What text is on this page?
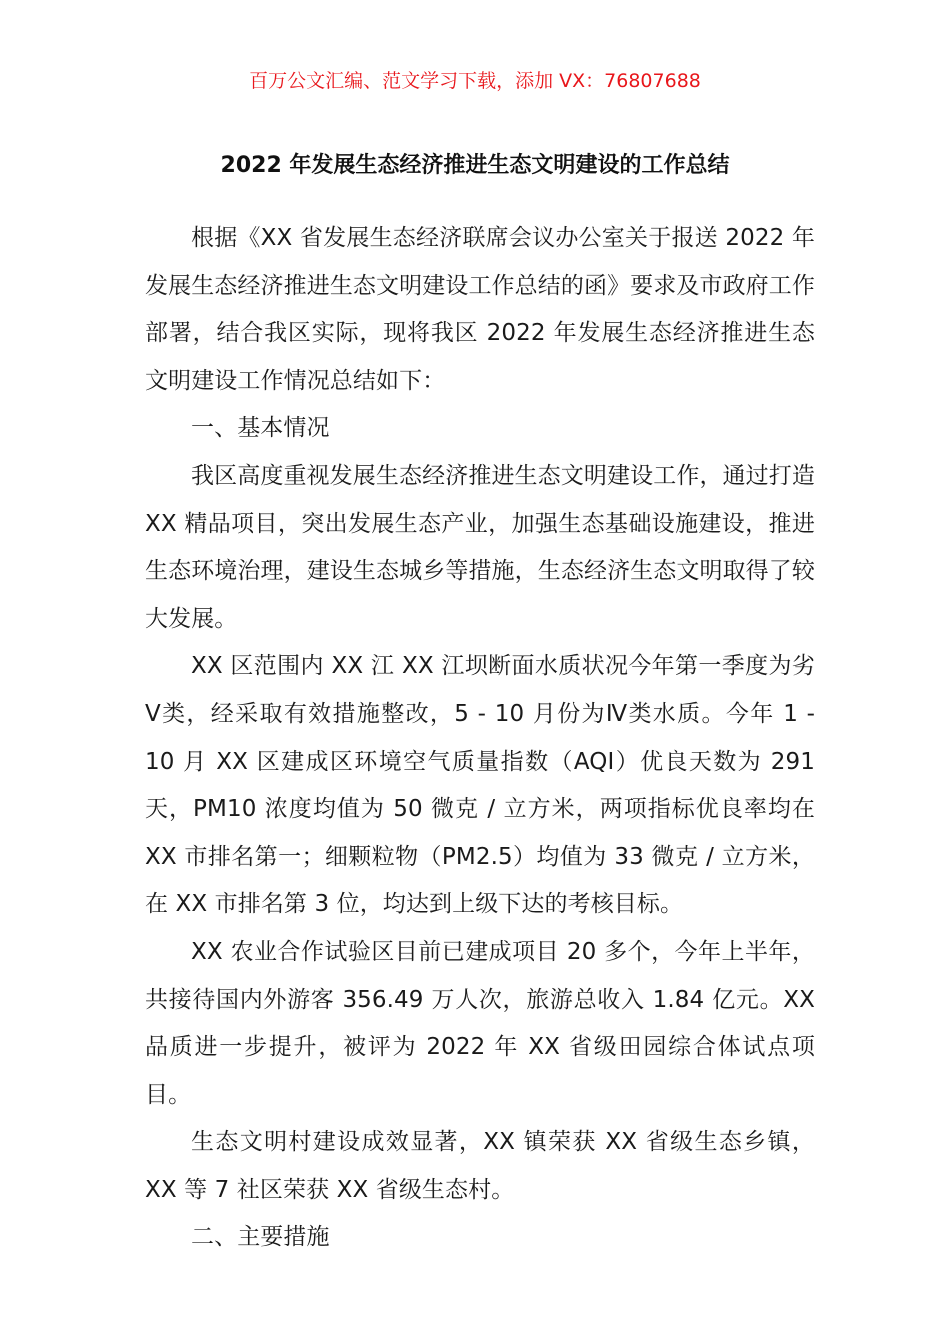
百万公文汇编、范文学习下载，添加 VX：76807688
2022 年发展生态经济推进生态文明建设的工作总结

根据《XX 省发展生态经济联席会议办公室关于报送 2022 年发展生态经济推进生态文明建设工作总结的函》要求及市政府工作部署，结合我区实际，现将我区 2022 年发展生态经济推进生态文明建设工作情况总结如下：

一、基本情况

我区高度重视发展生态经济推进生态文明建设工作，通过打造 XX 精品项目，突出发展生态产业，加强生态基础设施建设，推进生态环境治理，建设生态城乡等措施，生态经济生态文明取得了较大发展。

XX 区范围内 XX 江 XX 江坝断面水质状况今年第一季度为劣Ⅴ类，经采取有效措施整改，5 - 10 月份为Ⅳ类水质。今年 1 - 10 月 XX 区建成区环境空气质量指数（AQI）优良天数为 291 天，PM10 浓度均值为 50 微克 / 立方米，两项指标优良率均在 XX 市排名第一；细颗粒物（PM2.5）均值为 33 微克 / 立方米，在 XX 市排名第 3 位，均达到上级下达的考核目标。

XX 农业合作试验区目前已建成项目 20 多个，今年上半年，共接待国内外游客 356.49 万人次，旅游总收入 1.84 亿元。XX 品质进一步提升，被评为 2022 年 XX 省级田园综合体试点项目。

生态文明村建设成效显著，XX 镇荣获 XX 省级生态乡镇，XX 等 7 社区荣获 XX 省级生态村。

二、主要措施
